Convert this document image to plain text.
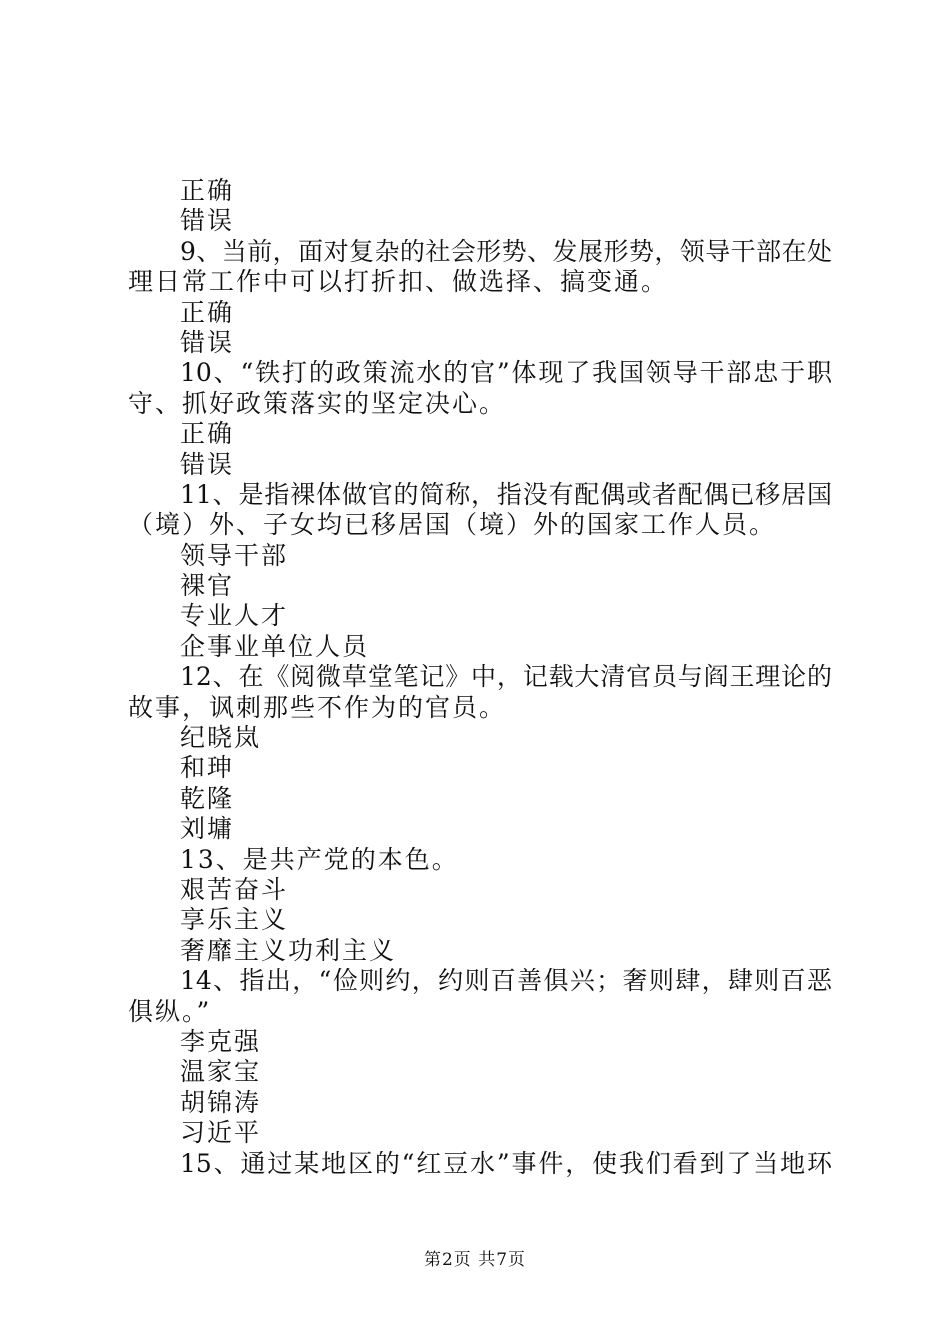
正确
错误
9、当前，面对复杂的社会形势、发展形势，领导干部在处
理日常工作中可以打折扣、做选择、搞变通。
正确
错误
10、“铁打的政策流水的官”体现了我国领导干部忠于职
守、抓好政策落实的坚定决心。
正确
错误
11、是指裸体做官的简称，指没有配偶或者配偶已移居国
（境）外、子女均已移居国（境）外的国家工作人员。
领导干部
裸官
专业人才
企事业单位人员
12、在《阅微草堂笔记》中，记载大清官员与阎王理论的
故事，讽刺那些不作为的官员。
纪晓岚
和珅
乾隆
刘墉
13、是共产党的本色。
艰苦奋斗
享乐主义
奢靡主义功利主义
14、指出，“俭则约，约则百善俱兴；奢则肆，肆则百恶
俱纵。”
李克强
温家宝
胡锦涛
习近平
15、通过某地区的“红豆水”事件，使我们看到了当地环
第2页 共7页
